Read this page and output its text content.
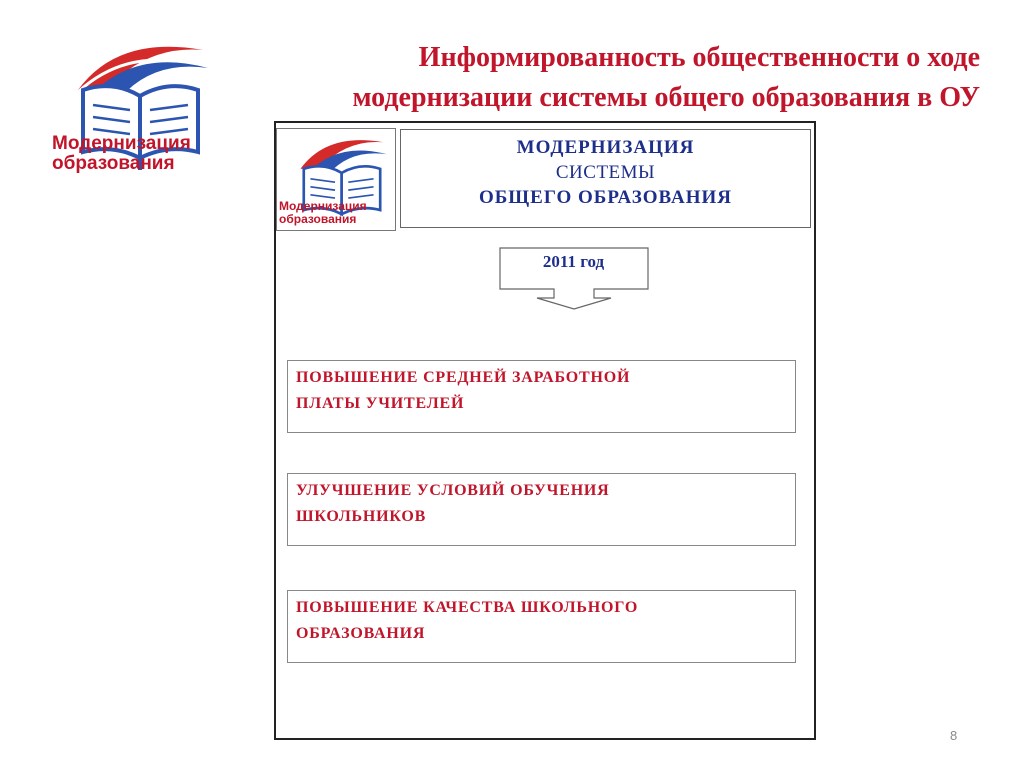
Информированность общественности о ходе
модернизации системы общего образования в ОУ
Модернизация
образования
Модернизация
образования
МОДЕРНИЗАЦИЯ
СИСТЕМЫ
ОБЩЕГО ОБРАЗОВАНИЯ
2011 год
ПОВЫШЕНИЕ СРЕДНЕЙ ЗАРАБОТНОЙ
ПЛАТЫ УЧИТЕЛЕЙ
УЛУЧШЕНИЕ УСЛОВИЙ ОБУЧЕНИЯ
ШКОЛЬНИКОВ
ПОВЫШЕНИЕ КАЧЕСТВА ШКОЛЬНОГО
ОБРАЗОВАНИЯ
8
